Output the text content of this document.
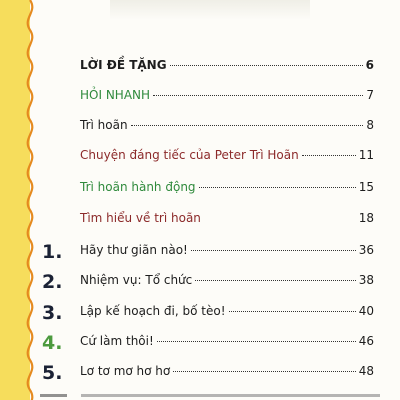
LỜI ĐỀ TẶNG	6
HỎI NHANH	7
Trì hoãn	8
Chuyện đáng tiếc của Peter Trì Hoãn	11
Trì hoãn hành động	15
Tìm hiểu về trì hoãn	18
1.	Hãy thư giãn nào!	36
2.	Nhiệm vụ: Tổ chức	38
3.	Lập kế hoạch đi, bố tèo!	40
4.	Cứ làm thôi!	46
5.	Lơ tơ mơ hơ hơ	48
